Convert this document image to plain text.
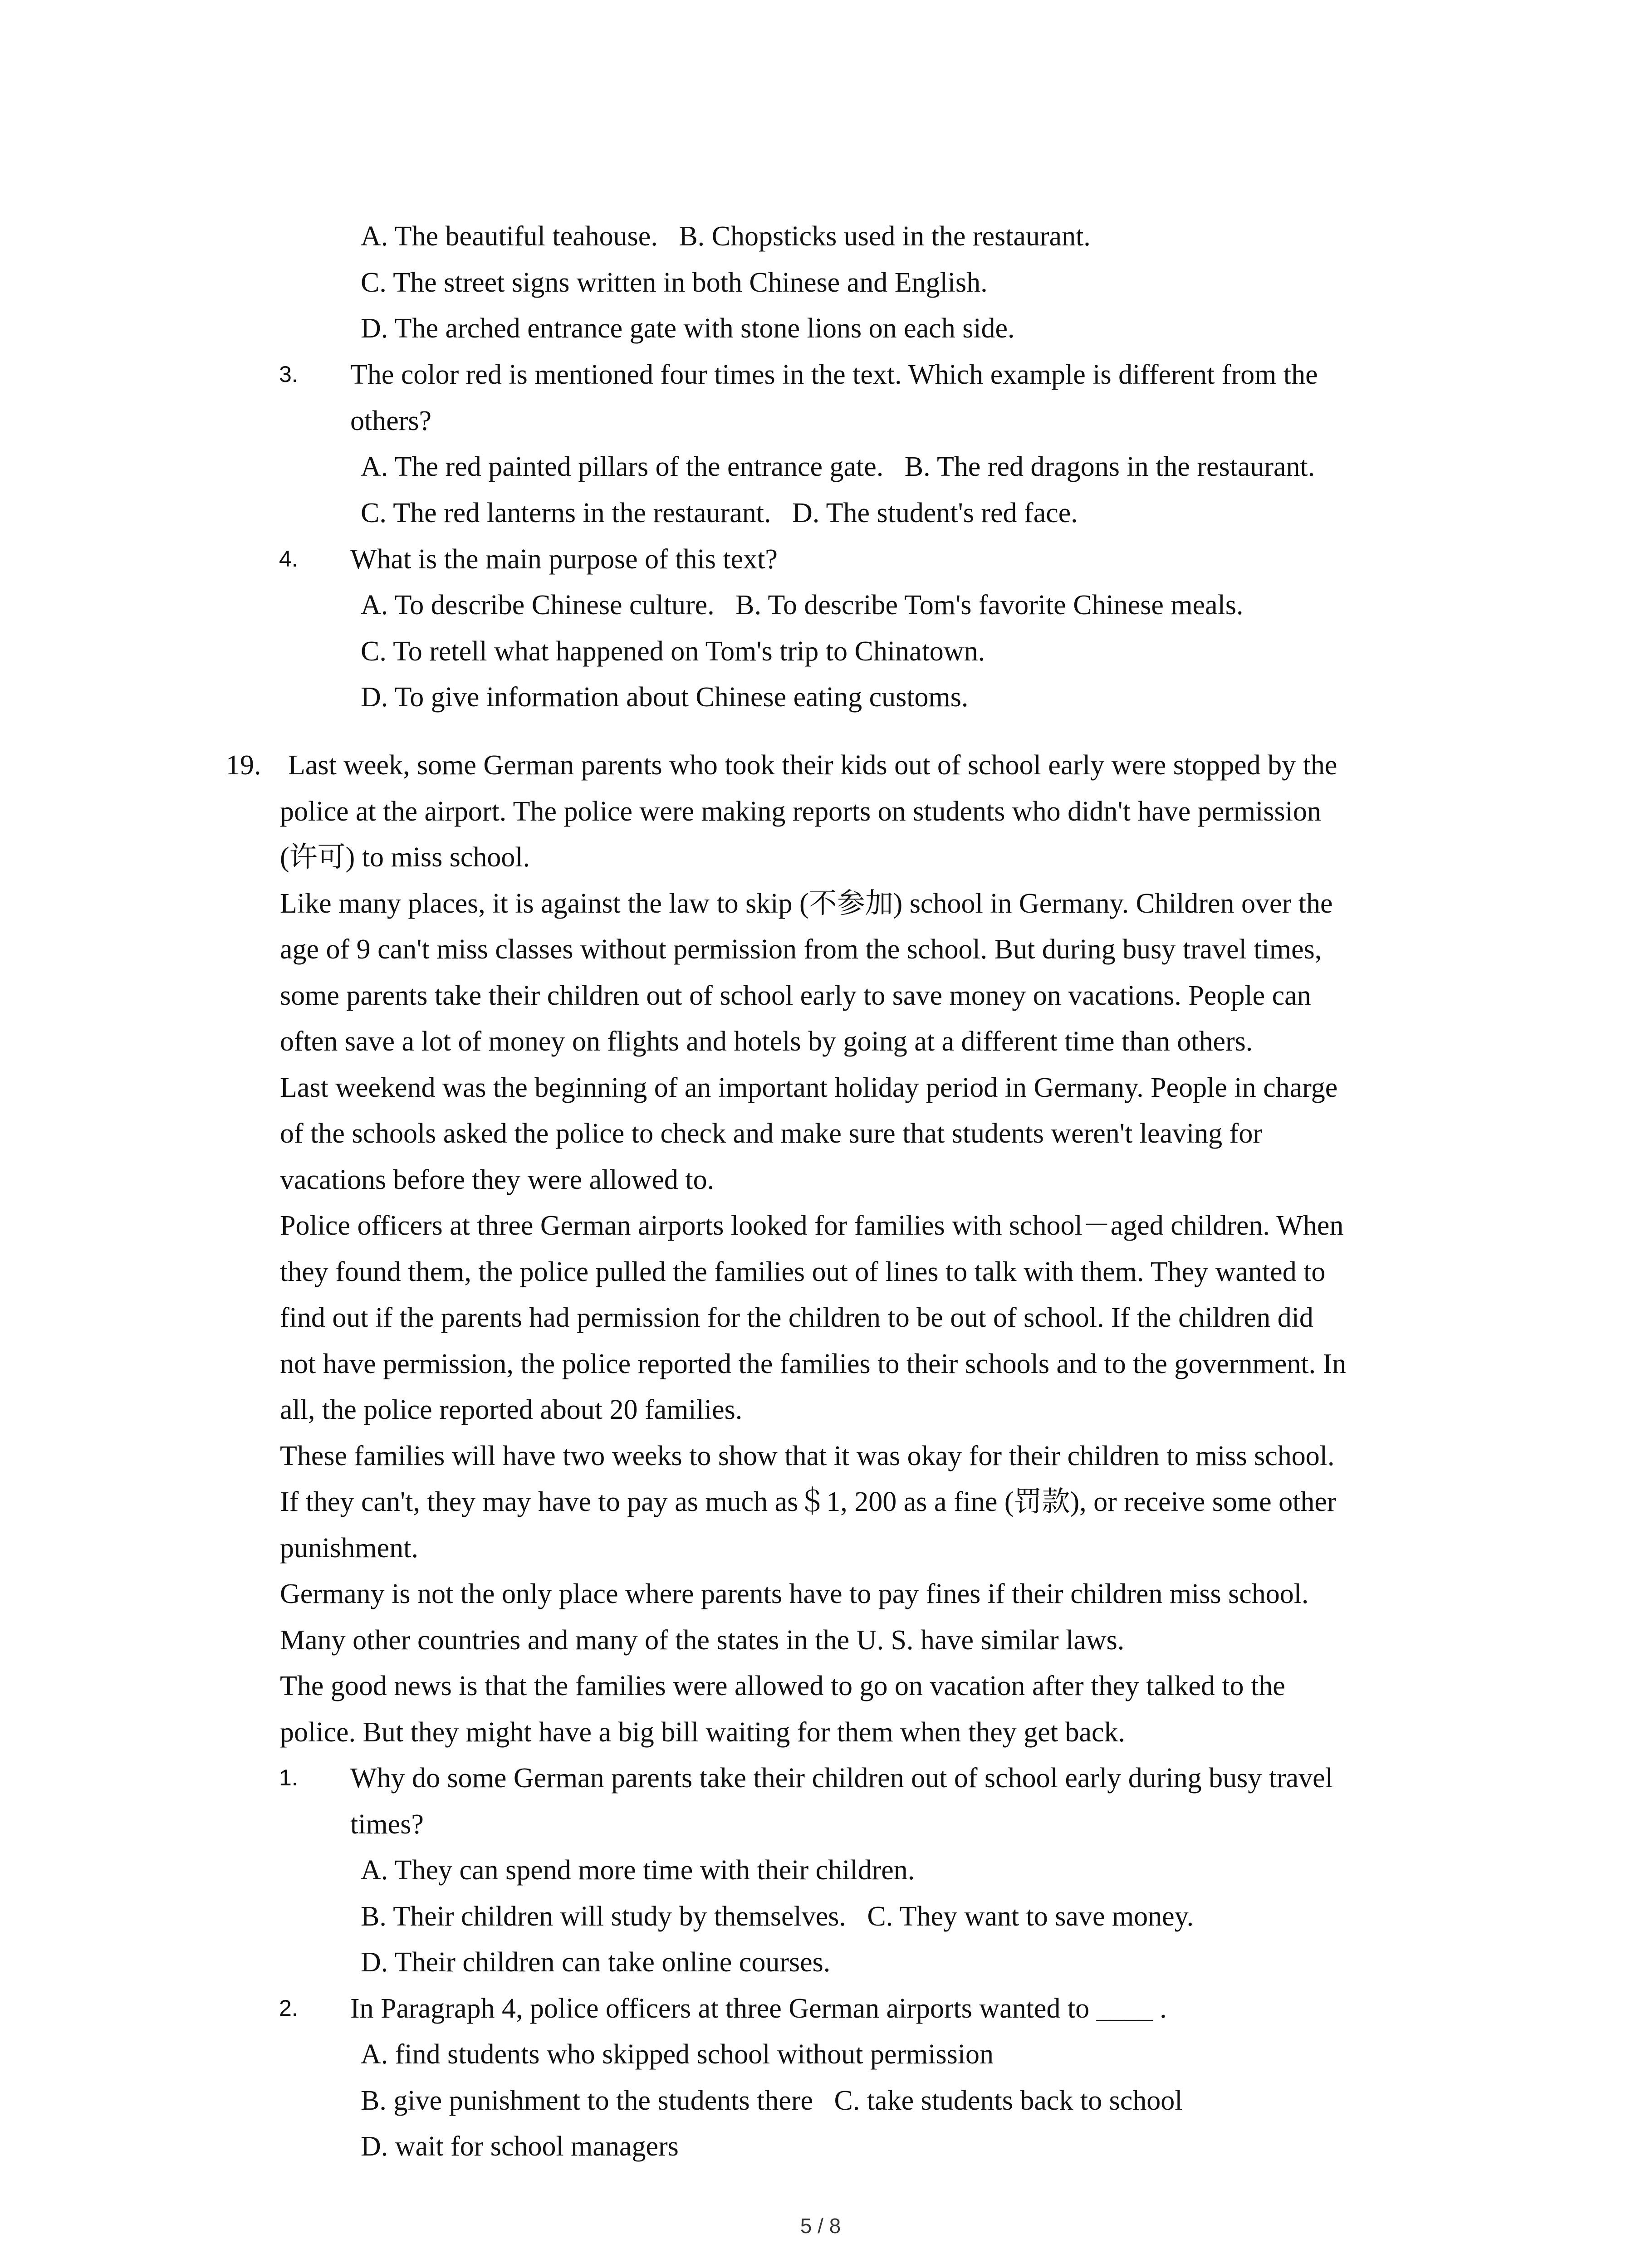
A. The beautiful teahouse.   B. Chopsticks used in the restaurant.
C. The street signs written in both Chinese and English.
D. The arched entrance gate with stone lions on each side.
3. The color red is mentioned four times in the text. Which example is different from the
others?
A. The red painted pillars of the entrance gate.   B. The red dragons in the restaurant.
C. The red lanterns in the restaurant.   D. The student's red face.
4. What is the main purpose of this text?
A. To describe Chinese culture.   B. To describe Tom's favorite Chinese meals.
C. To retell what happened on Tom's trip to Chinatown.
D. To give information about Chinese eating customs.
19. Last week, some German parents who took their kids out of school early were stopped by the
police at the airport. The police were making reports on students who didn't have permission
(许可) to miss school.
Like many places, it is against the law to skip (不参加) school in Germany. Children over the
age of 9 can't miss classes without permission from the school. But during busy travel times,
some parents take their children out of school early to save money on vacations. People can
often save a lot of money on flights and hotels by going at a different time than others.
Last weekend was the beginning of an important holiday period in Germany. People in charge
of the schools asked the police to check and make sure that students weren't leaving for
vacations before they were allowed to.
Police officers at three German airports looked for families with school－aged children. When
they found them, the police pulled the families out of lines to talk with them. They wanted to
find out if the parents had permission for the children to be out of school. If the children did
not have permission, the police reported the families to their schools and to the government. In
all, the police reported about 20 families.
These families will have two weeks to show that it was okay for their children to miss school.
If they can't, they may have to pay as much as＄1, 200 as a fine (罚款), or receive some other
punishment.
Germany is not the only place where parents have to pay fines if their children miss school.
Many other countries and many of the states in the U. S. have similar laws.
The good news is that the families were allowed to go on vacation after they talked to the
police. But they might have a big bill waiting for them when they get back.
1. Why do some German parents take their children out of school early during busy travel
times?
A. They can spend more time with their children.
B. Their children will study by themselves.   C. They want to save money.
D. Their children can take online courses.
2. In Paragraph 4, police officers at three German airports wanted to ____ .
A. find students who skipped school without permission
B. give punishment to the students there   C. take students back to school
D. wait for school managers
5 / 8
